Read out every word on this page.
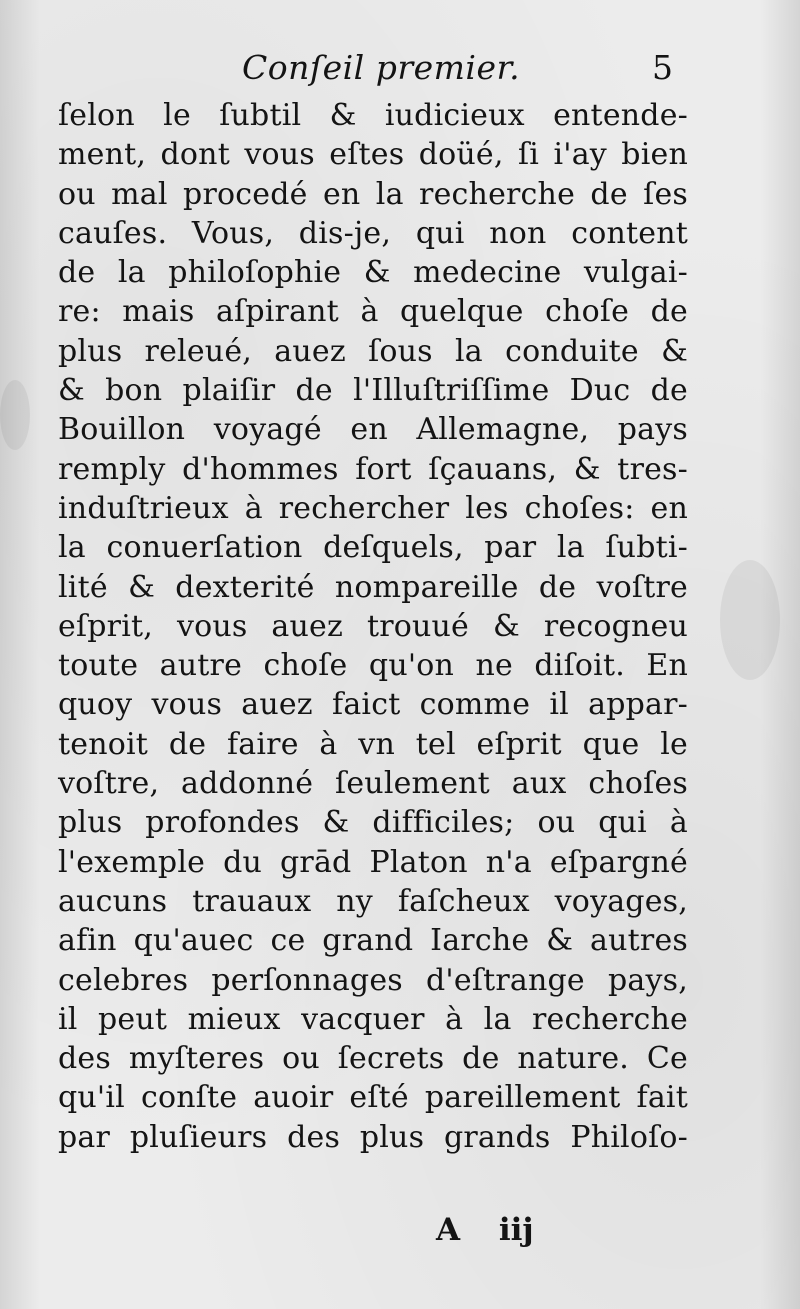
Conſeil premier.	5
ſelon le ſubtil & iudicieux entende-
ment, dont vous eſtes doüé, ſi i'ay bien
ou mal procedé en la recherche de ſes
cauſes. Vous, dis-je, qui non content
de la philoſophie & medecine vulgai-
re: mais aſpirant à quelque choſe de
plus releué, auez ſous la conduite &
& bon plaiſir de l'Illuſtriſſime Duc de
Bouillon voyagé en Allemagne, pays
remply d'hommes fort ſçauans, & tres-
induſtrieux à rechercher les choſes: en
la conuerſation deſquels, par la ſubti-
lité & dexterité nompareille de voſtre
eſprit, vous auez trouué & recogneu
toute autre choſe qu'on ne diſoit. En
quoy vous auez faict comme il appar-
tenoit de faire à vn tel eſprit que le
voſtre, addonné ſeulement aux choſes
plus profondes & difficiles; ou qui à
l'exemple du grād Platon n'a eſpargné
aucuns trauaux ny faſcheux voyages,
afin qu'auec ce grand Iarche & autres
celebres perſonnages d'eſtrange pays,
il peut mieux vacquer à la recherche
des myſteres ou ſecrets de nature. Ce
qu'il conſte auoir eſté pareillement fait
par pluſieurs des plus grands Philoſo-
A iij
